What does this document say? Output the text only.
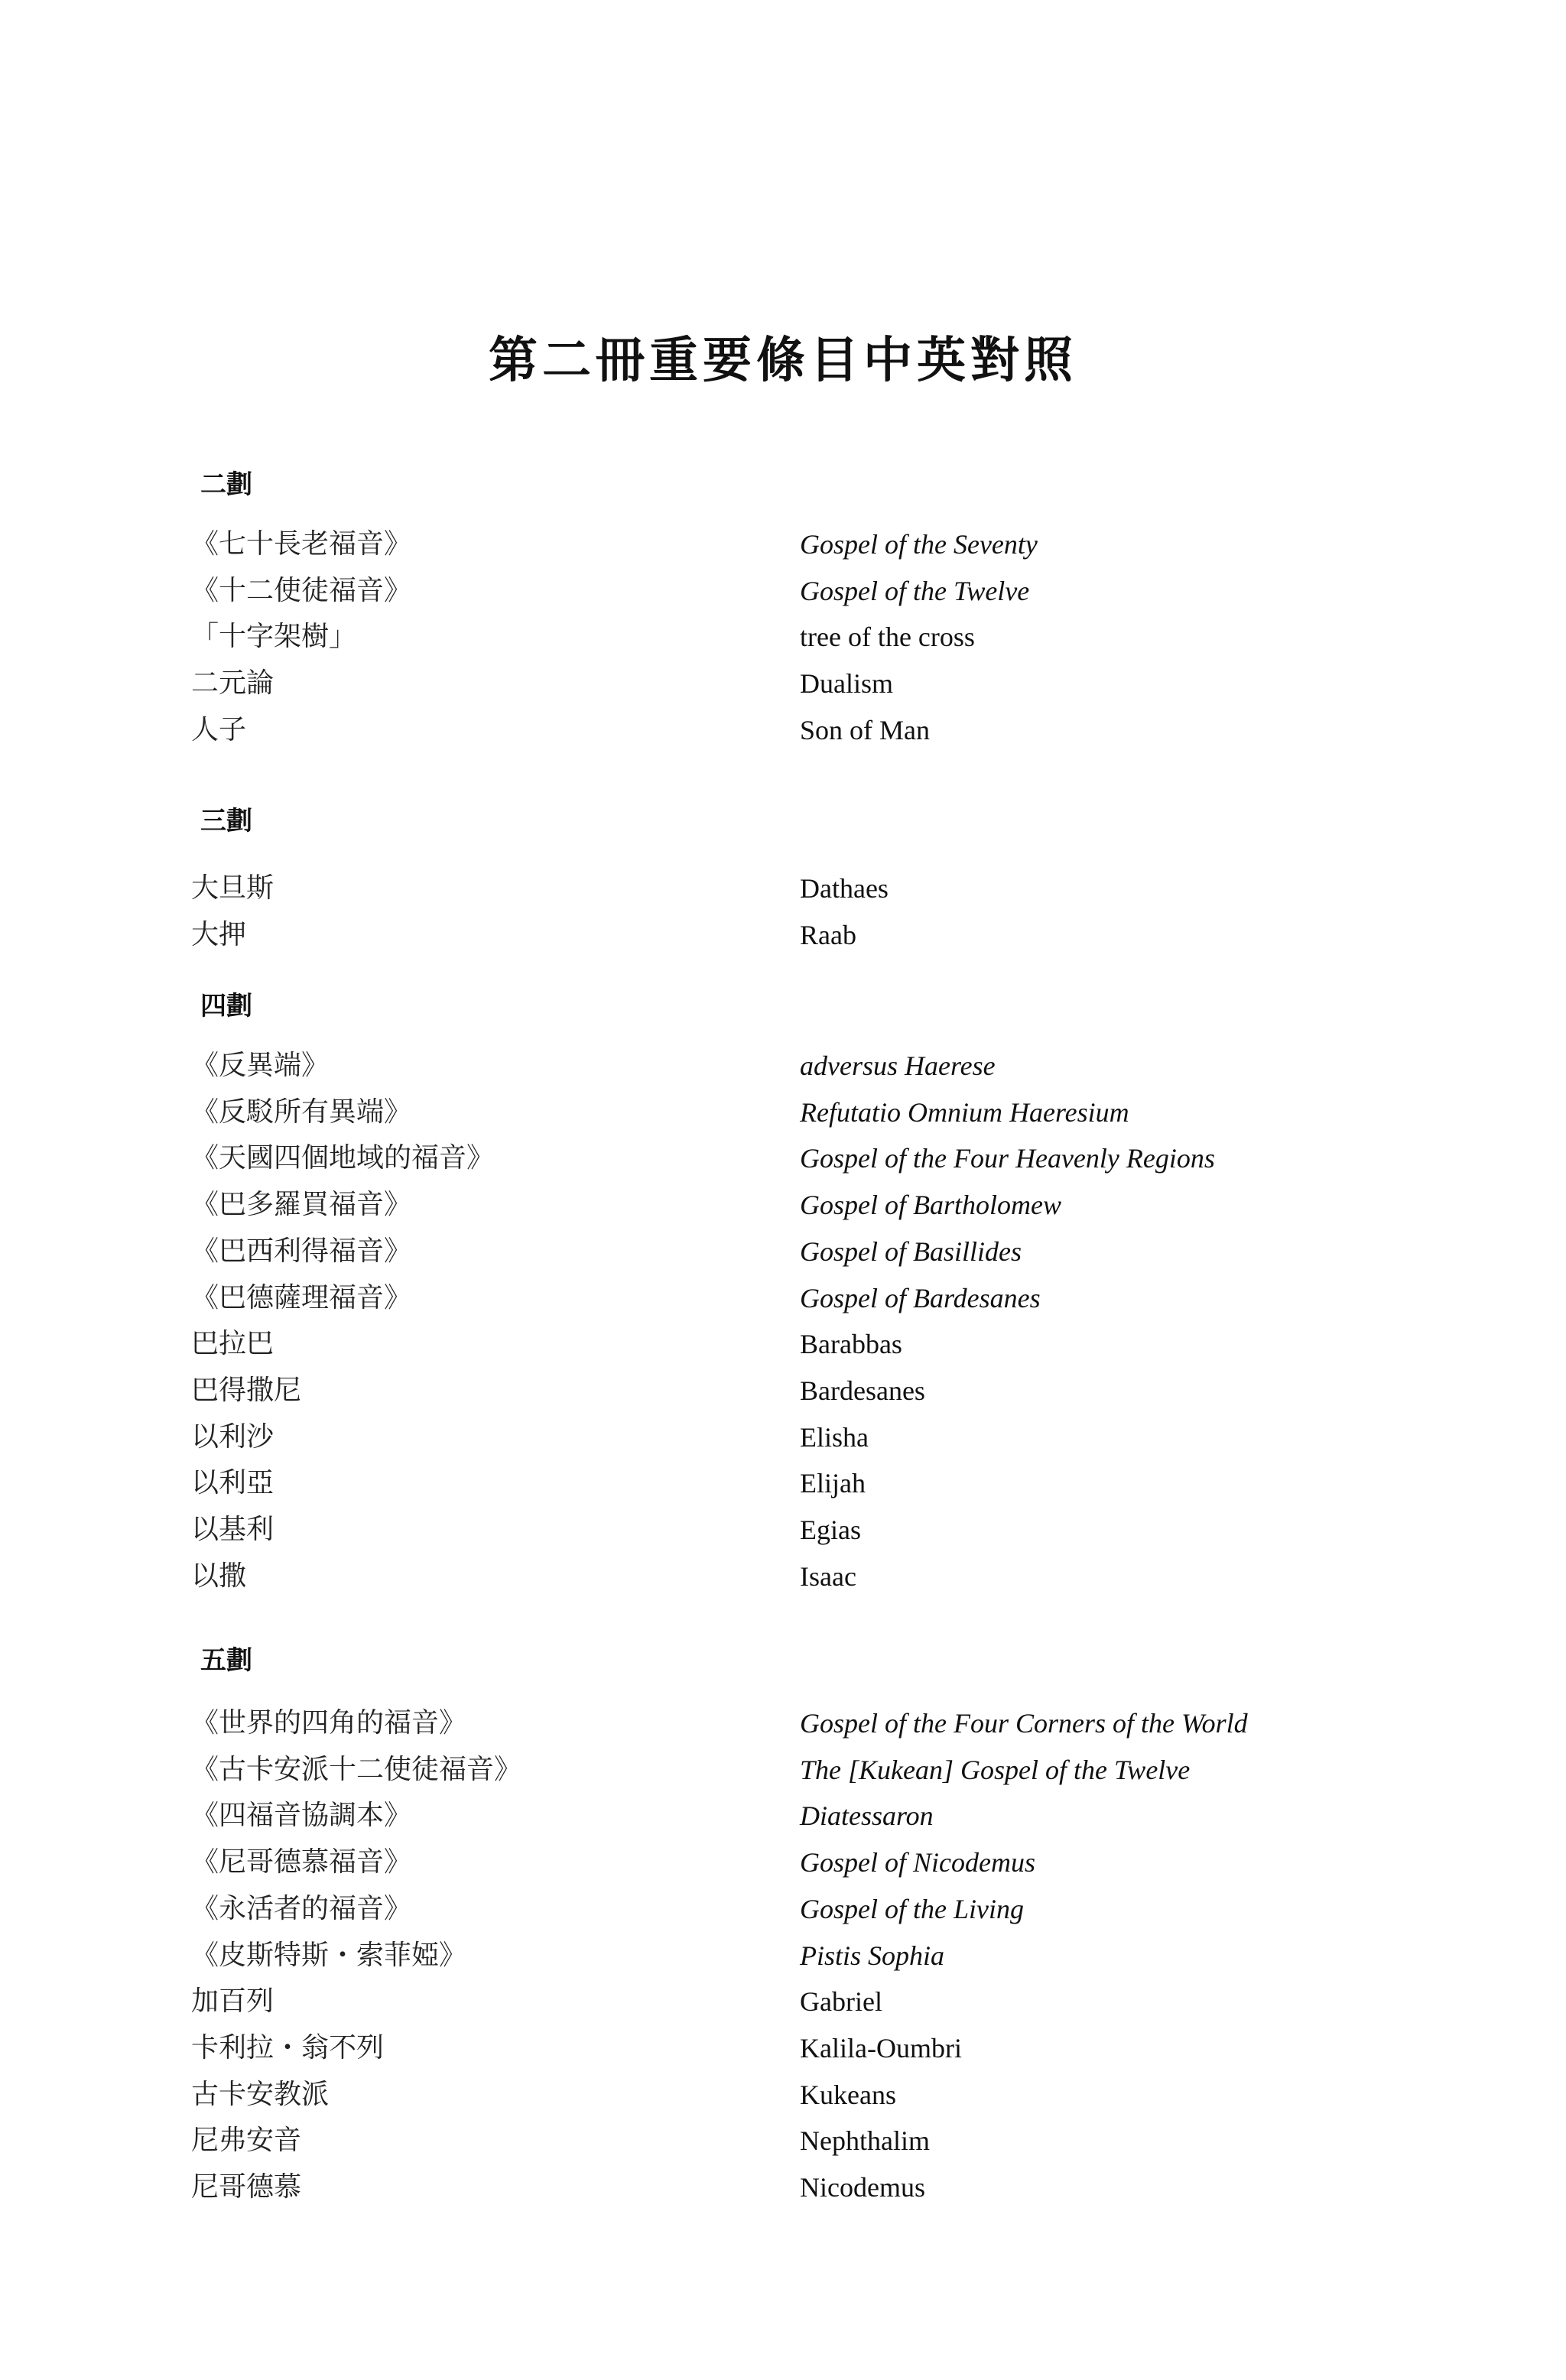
第二冊重要條目中英對照
二劃
《七十長老福音》	Gospel of the Seventy
《十二使徒福音》	Gospel of the Twelve
「十字架樹」	tree of the cross
二元論	Dualism
人子	Son of Man
三劃
大旦斯	Dathaes
大押	Raab
四劃
《反異端》	adversus Haerese
《反駁所有異端》	Refutatio Omnium Haeresium
《天國四個地域的福音》	Gospel of the Four Heavenly Regions
《巴多羅買福音》	Gospel of Bartholomew
《巴西利得福音》	Gospel of Basillides
《巴德薩理福音》	Gospel of Bardesanes
巴拉巴	Barabbas
巴得撒尼	Bardesanes
以利沙	Elisha
以利亞	Elijah
以基利	Egias
以撒	Isaac
五劃
《世界的四角的福音》	Gospel of the Four Corners of the World
《古卡安派十二使徒福音》	The [Kukean] Gospel of the Twelve
《四福音協調本》	Diatessaron
《尼哥德慕福音》	Gospel of Nicodemus
《永活者的福音》	Gospel of the Living
《皮斯特斯・索菲婭》	Pistis Sophia
加百列	Gabriel
卡利拉・翁不列	Kalila-Oumbri
古卡安教派	Kukeans
尼弗安音	Nephthalim
尼哥德慕	Nicodemus
